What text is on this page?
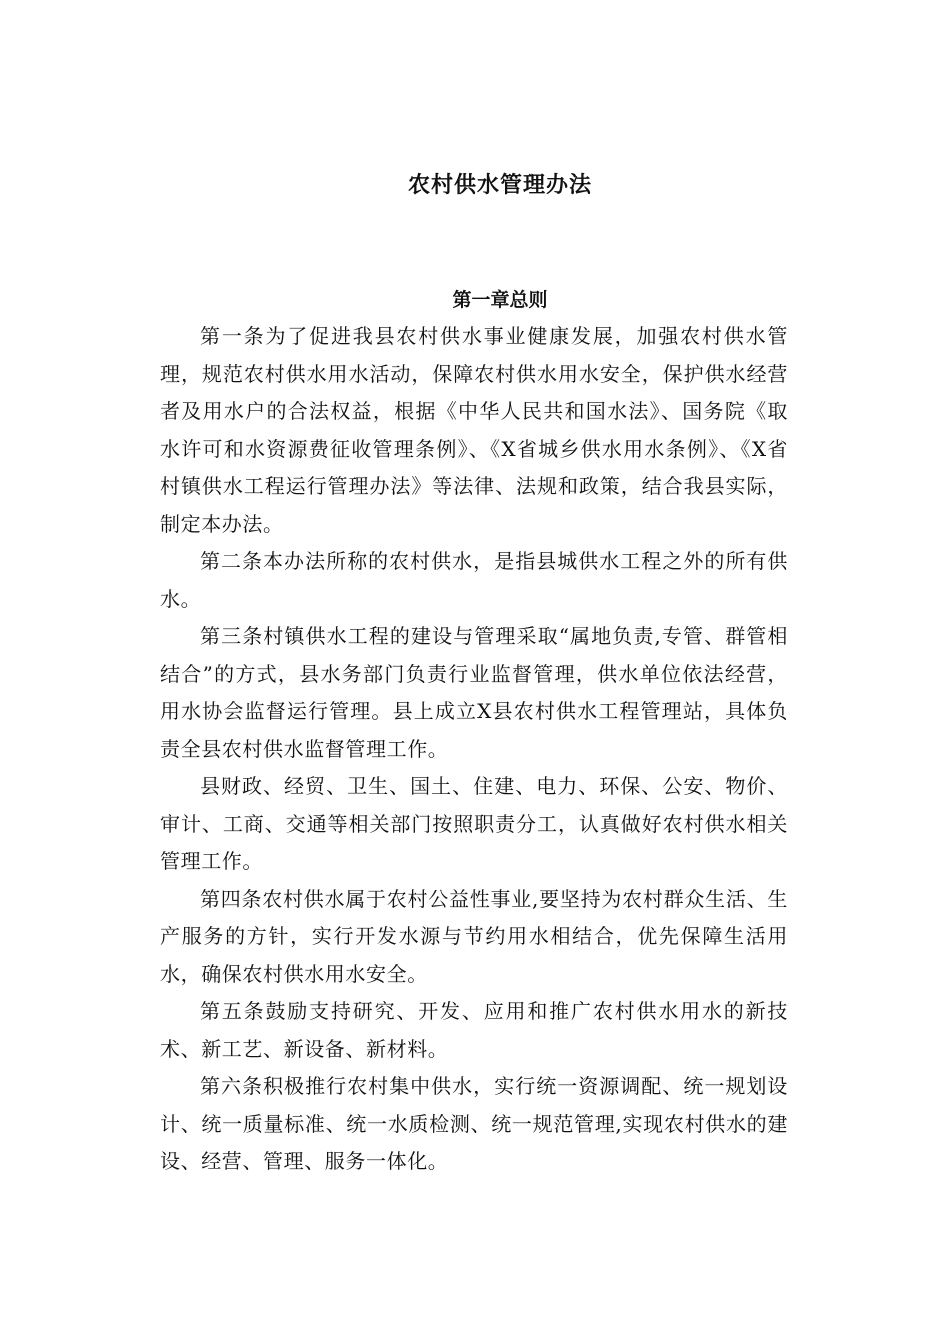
农村供水管理办法
第一章总则

第一条为了促进我县农村供水事业健康发展，加强农村供水管理，规范农村供水用水活动，保障农村供水用水安全，保护供水经营者及用水户的合法权益，根据《中华人民共和国水法》、国务院《取水许可和水资源费征收管理条例》、《X省城乡供水用水条例》、《X省村镇供水工程运行管理办法》等法律、法规和政策，结合我县实际，制定本办法。

第二条本办法所称的农村供水，是指县城供水工程之外的所有供水。

第三条村镇供水工程的建设与管理采取“属地负责,专管、群管相结合”的方式，县水务部门负责行业监督管理，供水单位依法经营，用水协会监督运行管理。县上成立X县农村供水工程管理站，具体负责全县农村供水监督管理工作。

县财政、经贸、卫生、国土、住建、电力、环保、公安、物价、审计、工商、交通等相关部门按照职责分工，认真做好农村供水相关管理工作。

第四条农村供水属于农村公益性事业,要坚持为农村群众生活、生产服务的方针，实行开发水源与节约用水相结合，优先保障生活用水，确保农村供水用水安全。

第五条鼓励支持研究、开发、应用和推广农村供水用水的新技术、新工艺、新设备、新材料。

第六条积极推行农村集中供水，实行统一资源调配、统一规划设计、统一质量标准、统一水质检测、统一规范管理,实现农村供水的建设、经营、管理、服务一体化。
